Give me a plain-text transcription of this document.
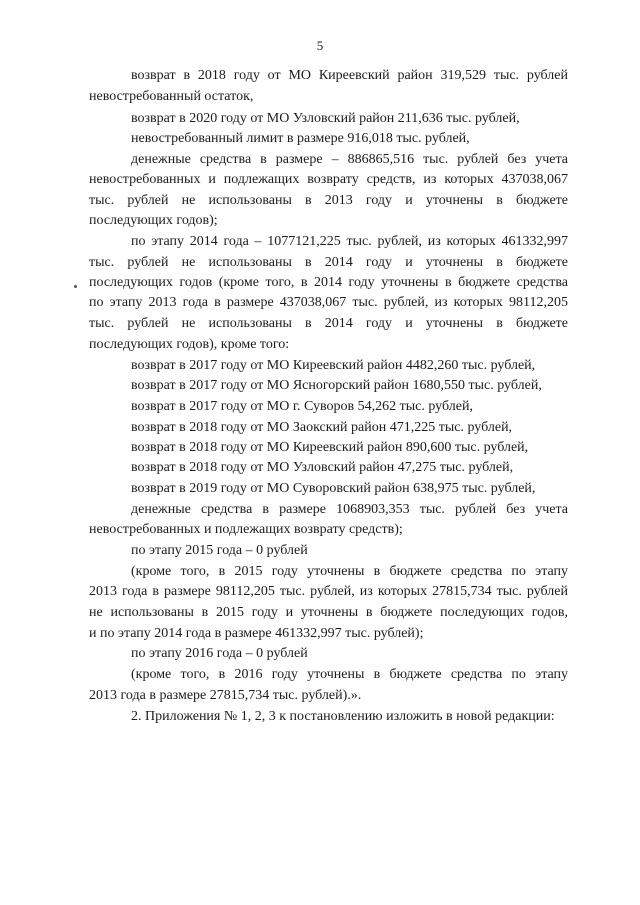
5
возврат в 2018 году от МО Киреевский район 319,529 тыс. рублей
невостребованный остаток,
возврат в 2020 году от МО Узловский район 211,636 тыс. рублей,
невостребованный лимит в размере 916,018 тыс. рублей,
денежные средства в размере – 886865,516 тыс. рублей без учета
невостребованных и подлежащих возврату средств, из которых 437038,067
тыс. рублей не использованы в 2013 году и уточнены в бюджете
последующих годов);
по этапу 2014 года – 1077121,225 тыс. рублей, из которых 461332,997
тыс. рублей не использованы в 2014 году и уточнены в бюджете
последующих годов (кроме того, в 2014 году уточнены в бюджете средства
по этапу 2013 года в размере 437038,067 тыс. рублей, из которых 98112,205
тыс. рублей не использованы в 2014 году и уточнены в бюджете
последующих годов), кроме того:
возврат в 2017 году от МО Киреевский район 4482,260 тыс. рублей,
возврат в 2017 году от МО Ясногорский район 1680,550 тыс. рублей,
возврат в 2017 году от МО г. Суворов 54,262 тыс. рублей,
возврат в 2018 году от МО Заокский район 471,225 тыс. рублей,
возврат в 2018 году от МО Киреевский район 890,600 тыс. рублей,
возврат в 2018 году от МО Узловский район 47,275 тыс. рублей,
возврат в 2019 году от МО Суворовский район 638,975 тыс. рублей,
денежные средства в размере 1068903,353 тыс. рублей без учета
невостребованных и подлежащих возврату средств);
по этапу 2015 года – 0 рублей
(кроме того, в 2015 году уточнены в бюджете средства по этапу
2013 года в размере 98112,205 тыс. рублей, из которых 27815,734 тыс. рублей
не использованы в 2015 году и уточнены в бюджете последующих годов,
и по этапу 2014 года в размере 461332,997 тыс. рублей);
по этапу 2016 года – 0 рублей
(кроме того, в 2016 году уточнены в бюджете средства по этапу
2013 года в размере 27815,734 тыс. рублей).».
2. Приложения № 1, 2, 3 к постановлению изложить в новой редакции:
